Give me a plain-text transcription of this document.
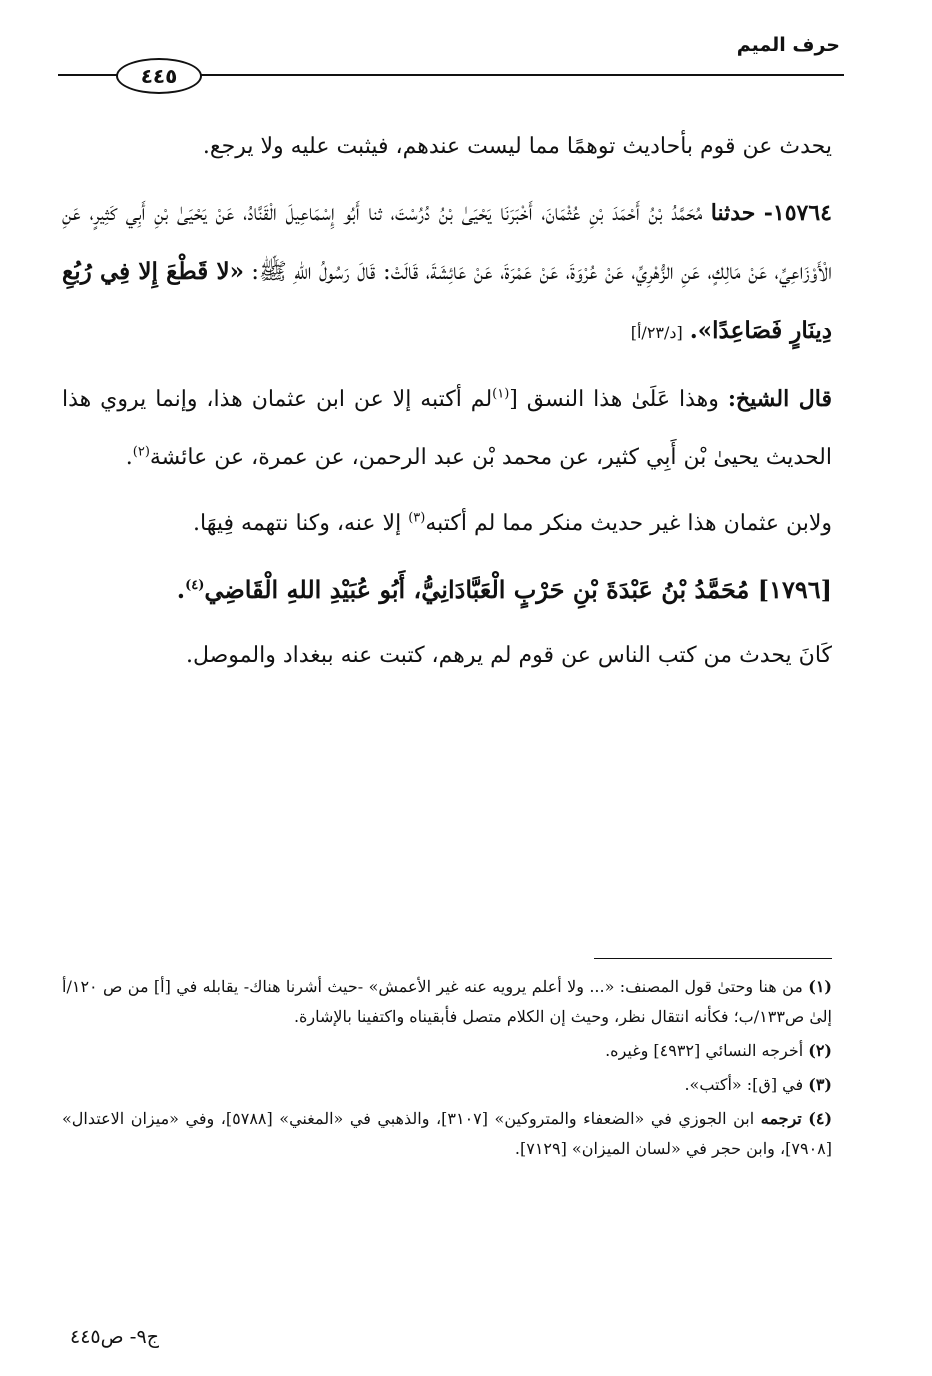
حرف الميم
٤٤٥

يحدث عن قوم بأحاديث توهمًا مما ليست عندهم، فيثبت عليه ولا يرجع.

١٥٧٦٤- حدثنا مُحَمَّدُ بْنُ أَحْمَدَ بْنِ عُثْمَانَ، أَخْبَرَنَا يَحْيَىٰ بْنُ دُرُسْتَ، ثنا أَبُو إِسْمَاعِيلَ الْقَنَّادُ، عَنْ يَحْيَىٰ بْنِ أَبِي كَثِيرٍ، عَنِ الْأَوْزَاعِيِّ، عَنْ مَالِكٍ، عَنِ الزُّهْرِيِّ، عَنْ عُرْوَةَ، عَنْ عَمْرَةَ، عَنْ عَائِشَةَ، قَالَتْ: قَالَ رَسُولُ اللهِ ﷺ: «لا قَطْعَ إِلا فِي رُبُعِ دِينَارٍ فَصَاعِدًا». [د/٢٣/أ]

قال الشيخ: وهذا عَلَىٰ هذا النسق [$^{(١)}$لم أكتبه إلا عن ابن عثمان هذا، وإنما يروي هذا الحديث يحيىٰ بْن أَبِي كثير، عن محمد بْن عبد الرحمن، عن عمرة، عن عائشة$^{(٢)}$.

ولابن عثمان هذا غير حديث منكر مما لم أكتبه$^{(٣)}$ إلا عنه، وكنا نتهمه فِيهَا.

[١٧٩٦] مُحَمَّدُ بْنُ عَبْدَةَ بْنِ حَرْبٍ الْعَبَّادَانِيُّ، أَبُو عُبَيْدِ اللهِ الْقَاضِي$^{(٤)}$.

كَانَ يحدث من كتب الناس عن قوم لم يرهم، كتبت عنه ببغداد والموصل.

(١) من هنا وحتىٰ قول المصنف: «... ولا أعلم يرويه عنه غير الأعمش» -حيث أشرنا هناك- يقابله في [أ] من ص ١٢٠/أ إلىٰ ص١٣٣/ب؛ فكأنه انتقال نظر، وحيث إن الكلام متصل فأبقيناه واكتفينا بالإشارة.

(٢) أخرجه النسائي [٤٩٣٢] وغيره.

(٣) في [ق]: «أكتب».

(٤) ترجمه ابن الجوزي في «الضعفاء والمتروكين» [٣١٠٧]، والذهبي في «المغني» [٥٧٨٨]، وفي «ميزان الاعتدال» [٧٩٠٨]، وابن حجر في «لسان الميزان» [٧١٢٩].

ج٩- ص٤٤٥
